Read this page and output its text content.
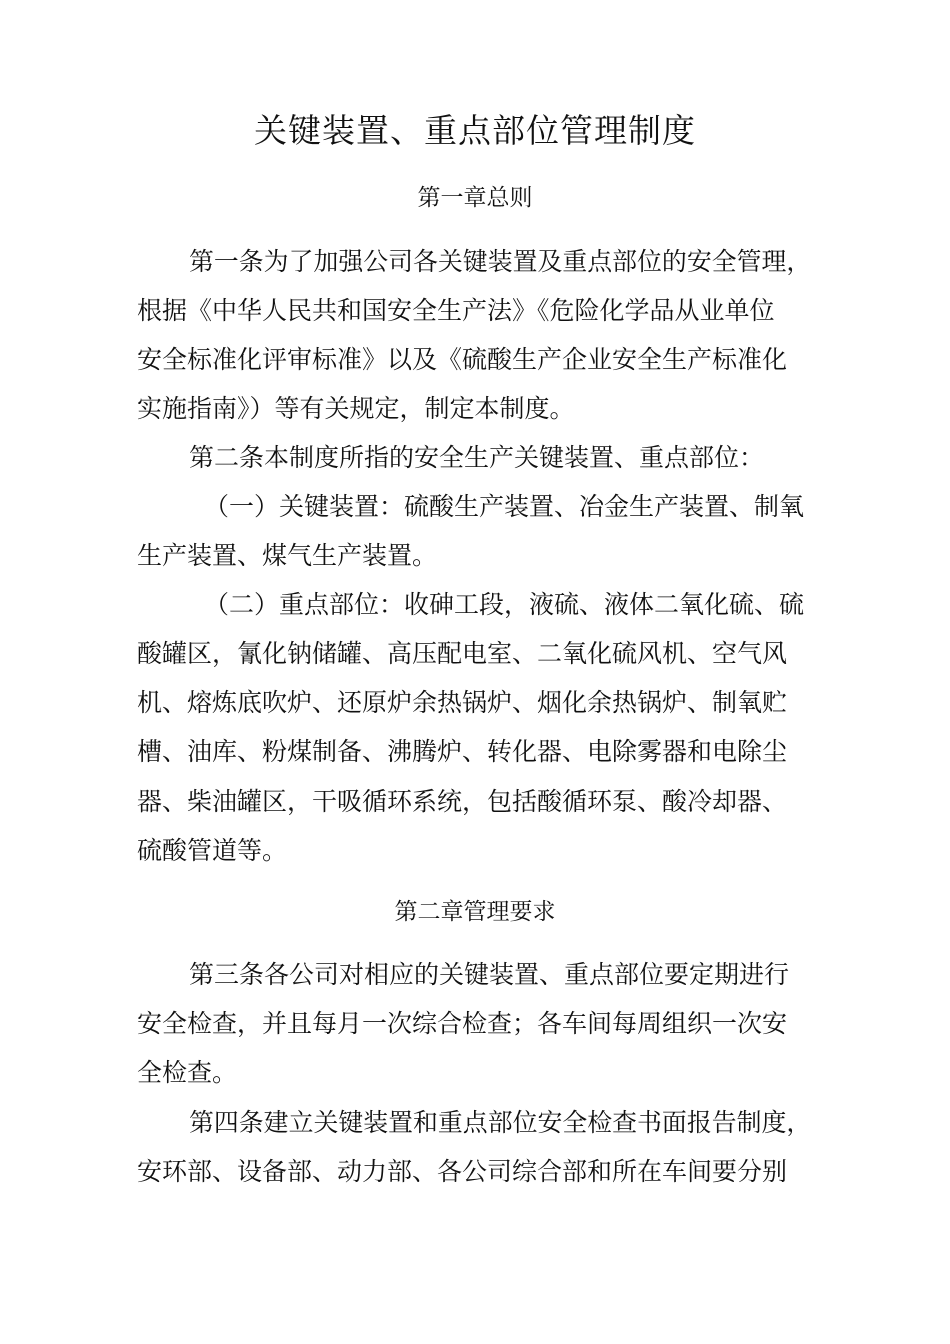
关键装置、重点部位管理制度
第一章总则
第一条为了加强公司各关键装置及重点部位的安全管理，
根据《中华人民共和国安全生产法》《危险化学品从业单位
安全标准化评审标准》以及《硫酸生产企业安全生产标准化
实施指南》）等有关规定，制定本制度。
第二条本制度所指的安全生产关键装置、重点部位：
（一）关键装置：硫酸生产装置、冶金生产装置、制氧
生产装置、煤气生产装置。
（二）重点部位：收砷工段，液硫、液体二氧化硫、硫
酸罐区，氰化钠储罐、高压配电室、二氧化硫风机、空气风
机、熔炼底吹炉、还原炉余热锅炉、烟化余热锅炉、制氧贮
槽、油库、粉煤制备、沸腾炉、转化器、电除雾器和电除尘
器、柴油罐区，干吸循环系统，包括酸循环泵、酸冷却器、
硫酸管道等。
第二章管理要求
第三条各公司对相应的关键装置、重点部位要定期进行
安全检查，并且每月一次综合检查；各车间每周组织一次安
全检查。
第四条建立关键装置和重点部位安全检查书面报告制度，
安环部、设备部、动力部、各公司综合部和所在车间要分别
